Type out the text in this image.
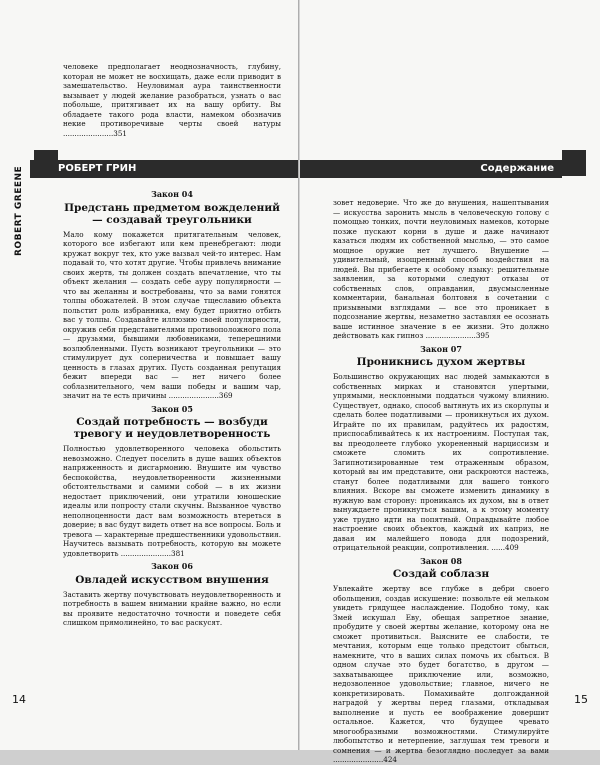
РОБЕРТ ГРИН
ROBERT GREENE

человеке предполагает неоднозначность, глубину, которая не может не восхищать, даже если приводит в замешательство. Неуловимая аура таинственности вызывает у людей желание разобраться, узнать о вас побольше, притягивает их на вашу орбиту. Вы обладаете такого рода власти, намеком обозначив некие противоречивые черты своей натуры ......................351

Закон 04
Предстань предметом вожделений — создавай треугольники

Мало кому покажется притягательным человек, которого все избегают или кем пренебрегают: люди кружат вокруг тех, кто уже вызвал чей-то интерес. Нам подавай то, что хотят другие. Чтобы привлечь внимание своих жертв, ты должен создать впечатление, что ты объект желания — создать себе ауру популярности — что вы желанны и востребованы, что за вами гонятся толпы обожателей. В этом случае тщеславию объекта польстит роль избранника, ему будет приятно отбить вас у толпы. Создавайте иллюзию своей популярности, окружив себя представителями противоположного пола — друзьями, бывшими любовниками, теперешними возлюбленными. Пусть возникают треугольники — это стимулирует дух соперничества и повышает вашу ценность в глазах других. Пусть созданная репутация бежит впереди вас — нет ничего более соблазнительного, чем ваши победы и вашим чар, значит на те есть причины ......................369

Закон 05
Создай потребность — возбуди тревогу и неудовлетворенность

Полностью удовлетворенного человека обольстить невозможно. Следует поселить в душе ваших объектов напряженность и дисгармонию. Внушите им чувство беспокойства, неудовлетворенности жизненными обстоятельствами и самими собой — в их жизни недостает приключений, они утратили юношеские идеалы или попросту стали скучны. Вызванное чувство неполноценности даст вам возможность втереться в доверие; в вас будут видеть ответ на все вопросы. Боль и тревога — характерные предшественники удовольствия. Научитесь вызывать потребность, которую вы можете удовлетворить ......................381

Закон 06
Овладей искусством внушения

Заставить жертву почувствовать неудовлетворенность и потребность в вашем внимании крайне важно, но если вы проявите недостаточно точности и поведете себя слишком прямолинейно, то вас раскусят.

14
Содержание

зовет недоверие. Что же до внушения, нашептывания — искусства заронить мысль в человеческую голову с помощью тонких, почти неуловимых намеков, которые позже пускают корни в душе и даже начинают казаться людям их собственной мыслью, — это самое мощное оружие нет лучшего. Внушение — удивительный, изощренный способ воздействия на людей. Вы прибегаете к особому языку: решительные заявления, за которыми следуют отказы от собственных слов, оправдания, двусмысленные комментарии, банальная болтовня в сочетании с призывными взглядами — все это проникает в подсознание жертвы, незаметно заставляя ее осознать ваше истинное значение в ее жизни. Это должно действовать как гипноз ......................395

Закон 07
Проникнись духом жертвы

Большинство окружающих нас людей замыкаются в собственных мирках и становятся упертыми, упрямыми, несклонными поддаться чужому влиянию. Существует, однако, способ вытянуть их из скорлупы и сделать более податливыми — проникнуться их духом. Играйте по их правилам, радуйтесь их радостям, приспосабливайтесь к их настроениям. Поступая так, вы преодолеете глубоко укорененный нарциссизм и сможете сломить их сопротивление. Загипнотизированные тем отраженным образом, который вы им представите, они раскроются настежь, станут более податливыми для вашего тонкого влияния. Вскоре вы сможете изменить динамику в нужную вам сторону: проникаясь их духом, вы в ответ вынуждаете проникнуться вашим, а к этому моменту уже трудно идти на попятный. Оправдывайте любое настроение своих объектов, каждый их каприз, не давая им малейшего повода для подозрений, отрицательной реакции, сопротивления. ......409

Закон 08
Создай соблазн

Увлекайте жертву все глубже в дебри своего обольщения, создав искушение: позвольте ей мельком увидеть грядущее наслаждение. Подобно тому, как Змей искушал Еву, обещая запретное знание, пробудите у своей жертвы желание, которому она не сможет противиться. Выясните ее слабости, те мечтания, которым еще только предстоит сбыться, намекните, что в ваших силах помочь их сбыться. В одном случае это будет богатство, в другом — захватывающее приключение или, возможно, недозволенное удовольствие; главное, ничего не конкретизировать. Помахивайте долгожданной наградой у жертвы перед глазами, откладывая выполнение и пусть ее воображение довершит остальное. Кажется, что будущее чревато многообразными возможностями. Стимулируйте любопытство и нетерпение, заглушая тем тревоги и сомнения — и жертва безоглядно последует за вами ......................424

15
